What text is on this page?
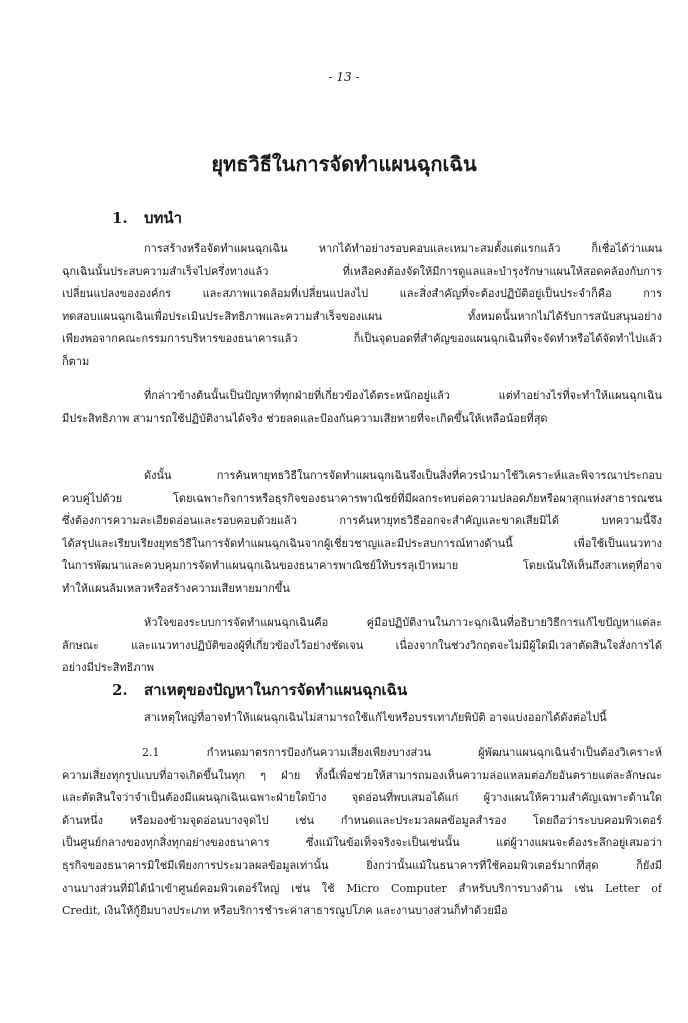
- 13 -
ยุทธวิธีในการจัดทำแผนฉุกเฉิน
1. บทนำ
การสร้างหรือจัดทำแผนฉุกเฉิน หากได้ทำอย่างรอบคอบและเหมาะสมตั้งแต่แรกแล้ว ก็เชื่อได้ว่าแผน
ฉุกเฉินนั้นประสบความสำเร็จไปครึ่งทางแล้ว ที่เหลือคงต้องจัดให้มีการดูแลและบำรุงรักษาแผนให้สอดคล้องกับการ
เปลี่ยนแปลงขององค์กร และสภาพแวดล้อมที่เปลี่ยนแปลงไป และสิ่งสำคัญที่จะต้องปฏิบัติอยู่เป็นประจำก็คือ การ
ทดสอบแผนฉุกเฉินเพื่อประเมินประสิทธิภาพและความสำเร็จของแผน ทั้งหมดนั้นหากไม่ได้รับการสนับสนุนอย่าง
เพียงพอจากคณะกรรมการบริหารของธนาคารแล้ว ก็เป็นจุดบอดที่สำคัญของแผนฉุกเฉินที่จะจัดทำหรือได้จัดทำไปแล้ว
ก็ตาม
ที่กล่าวข้างต้นนั้นเป็นปัญหาที่ทุกฝ่ายที่เกี่ยวข้องได้ตระหนักอยู่แล้ว แต่ทำอย่างไรที่จะทำให้แผนฉุกเฉิน
มีประสิทธิภาพ สามารถใช้ปฏิบัติงานได้จริง ช่วยลดและป้องกันความเสียหายที่จะเกิดขึ้นให้เหลือน้อยที่สุด
ดังนั้น การค้นหายุทธวิธีในการจัดทำแผนฉุกเฉินจึงเป็นสิ่งที่ควรนำมาใช้วิเคราะห์และพิจารณาประกอบ
ควบคู่ไปด้วย โดยเฉพาะกิจการหรือธุรกิจของธนาคารพาณิชย์ที่มีผลกระทบต่อความปลอดภัยหรือผาสุกแห่งสาธารณชน
ซึ่งต้องการความละเอียดอ่อนและรอบคอบด้วยแล้ว การค้นหายุทธวิธีออกจะสำคัญและขาดเสียมิได้ บทความนี้จึง
ได้สรุปและเรียบเรียงยุทธวิธีในการจัดทำแผนฉุกเฉินจากผู้เชี่ยวชาญและมีประสบการณ์ทางด้านนี้ เพื่อใช้เป็นแนวทาง
ในการพัฒนาและควบคุมการจัดทำแผนฉุกเฉินของธนาคารพาณิชย์ให้บรรลุเป้าหมาย โดยเน้นให้เห็นถึงสาเหตุที่อาจ
ทำให้แผนล้มเหลวหรือสร้างความเสียหายมากขึ้น
หัวใจของระบบการจัดทำแผนฉุกเฉินคือ คู่มือปฏิบัติงานในภาวะฉุกเฉินที่อธิบายวิธีการแก้ไขปัญหาแต่ละ
ลักษณะ และแนวทางปฏิบัติของผู้ที่เกี่ยวข้องไว้อย่างชัดเจน เนื่องจากในช่วงวิกฤตจะไม่มีผู้ใดมีเวลาตัดสินใจสั่งการได้
อย่างมีประสิทธิภาพ
2. สาเหตุของปัญหาในการจัดทำแผนฉุกเฉิน
สาเหตุใหญ่ที่อาจทำให้แผนฉุกเฉินไม่สามารถใช้แก้ไขหรือบรรเทาภัยพิบัติ อาจแบ่งออกได้ดังต่อไปนี้
2.1 กำหนดมาตรการป้องกันความเสี่ยงเพียงบางส่วน ผู้พัฒนาแผนฉุกเฉินจำเป็นต้องวิเคราะห์
ความเสี่ยงทุกรูปแบบที่อาจเกิดขึ้นในทุก ๆ ฝ่าย ทั้งนี้เพื่อช่วยให้สามารถมองเห็นความล่อแหลมต่อภัยอันตรายแต่ละลักษณะ
และตัดสินใจว่าจำเป็นต้องมีแผนฉุกเฉินเฉพาะฝ่ายใดบ้าง จุดอ่อนที่พบเสมอได้แก่ ผู้วางแผนให้ความสำคัญเฉพาะด้านใด
ด้านหนึ่ง หรือมองข้ามจุดอ่อนบางจุดไป เช่น กำหนดและประมวลผลข้อมูลสำรอง โดยถือว่าระบบคอมพิวเตอร์
เป็นศูนย์กลางของทุกสิ่งทุกอย่างของธนาคาร ซึ่งแม้ในข้อเท็จจริงจะเป็นเช่นนั้น แต่ผู้วางแผนจะต้องระลึกอยู่เสมอว่า
ธุรกิจของธนาคารมิใช่มีเพียงการประมวลผลข้อมูลเท่านั้น ยิ่งกว่านั้นแม้ในธนาคารที่ใช้คอมพิวเตอร์มากที่สุด ก็ยังมี
งานบางส่วนที่มิได้นำเข้าศูนย์คอมพิวเตอร์ใหญ่ เช่น ใช้ Micro Computer สำหรับบริการบางด้าน เช่น Letter of
Credit, เงินให้กู้ยืมบางประเภท หรือบริการชำระค่าสาธารณูปโภค และงานบางส่วนก็ทำด้วยมือ
